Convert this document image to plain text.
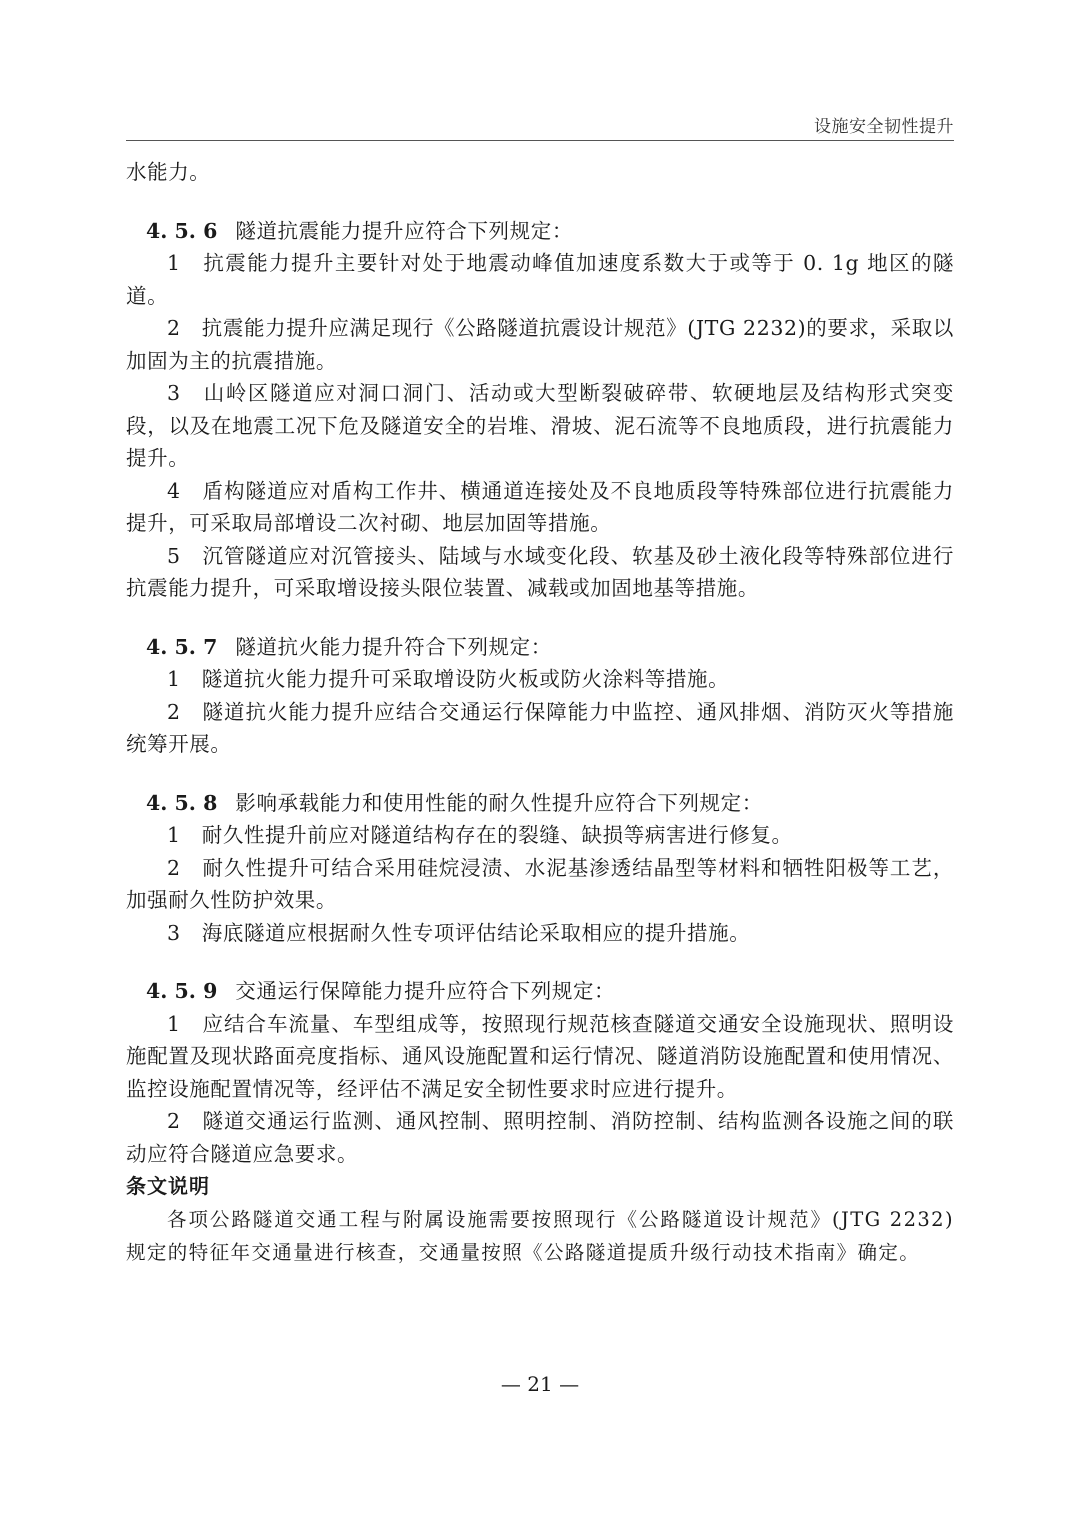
设施安全韧性提升

水能力。

4. 5. 6 隧道抗震能力提升应符合下列规定：

1　抗震能力提升主要针对处于地震动峰值加速度系数大于或等于 0. 1g 地区的隧道。

2　抗震能力提升应满足现行《公路隧道抗震设计规范》(JTG 2232)的要求，采取以加固为主的抗震措施。

3　山岭区隧道应对洞口洞门、活动或大型断裂破碎带、软硬地层及结构形式突变段，以及在地震工况下危及隧道安全的岩堆、滑坡、泥石流等不良地质段，进行抗震能力提升。

4　盾构隧道应对盾构工作井、横通道连接处及不良地质段等特殊部位进行抗震能力提升，可采取局部增设二次衬砌、地层加固等措施。

5　沉管隧道应对沉管接头、陆域与水域变化段、软基及砂土液化段等特殊部位进行抗震能力提升，可采取增设接头限位装置、减载或加固地基等措施。

4. 5. 7 隧道抗火能力提升符合下列规定：

1　隧道抗火能力提升可采取增设防火板或防火涂料等措施。

2　隧道抗火能力提升应结合交通运行保障能力中监控、通风排烟、消防灭火等措施统筹开展。

4. 5. 8 影响承载能力和使用性能的耐久性提升应符合下列规定：

1　耐久性提升前应对隧道结构存在的裂缝、缺损等病害进行修复。

2　耐久性提升可结合采用硅烷浸渍、水泥基渗透结晶型等材料和牺牲阳极等工艺，加强耐久性防护效果。

3　海底隧道应根据耐久性专项评估结论采取相应的提升措施。

4. 5. 9 交通运行保障能力提升应符合下列规定：

1　应结合车流量、车型组成等，按照现行规范核查隧道交通安全设施现状、照明设施配置及现状路面亮度指标、通风设施配置和运行情况、隧道消防设施配置和使用情况、监控设施配置情况等，经评估不满足安全韧性要求时应进行提升。

2　隧道交通运行监测、通风控制、照明控制、消防控制、结构监测各设施之间的联动应符合隧道应急要求。

条文说明

各项公路隧道交通工程与附属设施需要按照现行《公路隧道设计规范》(JTG 2232)规定的特征年交通量进行核查，交通量按照《公路隧道提质升级行动技术指南》确定。

— 21 —
